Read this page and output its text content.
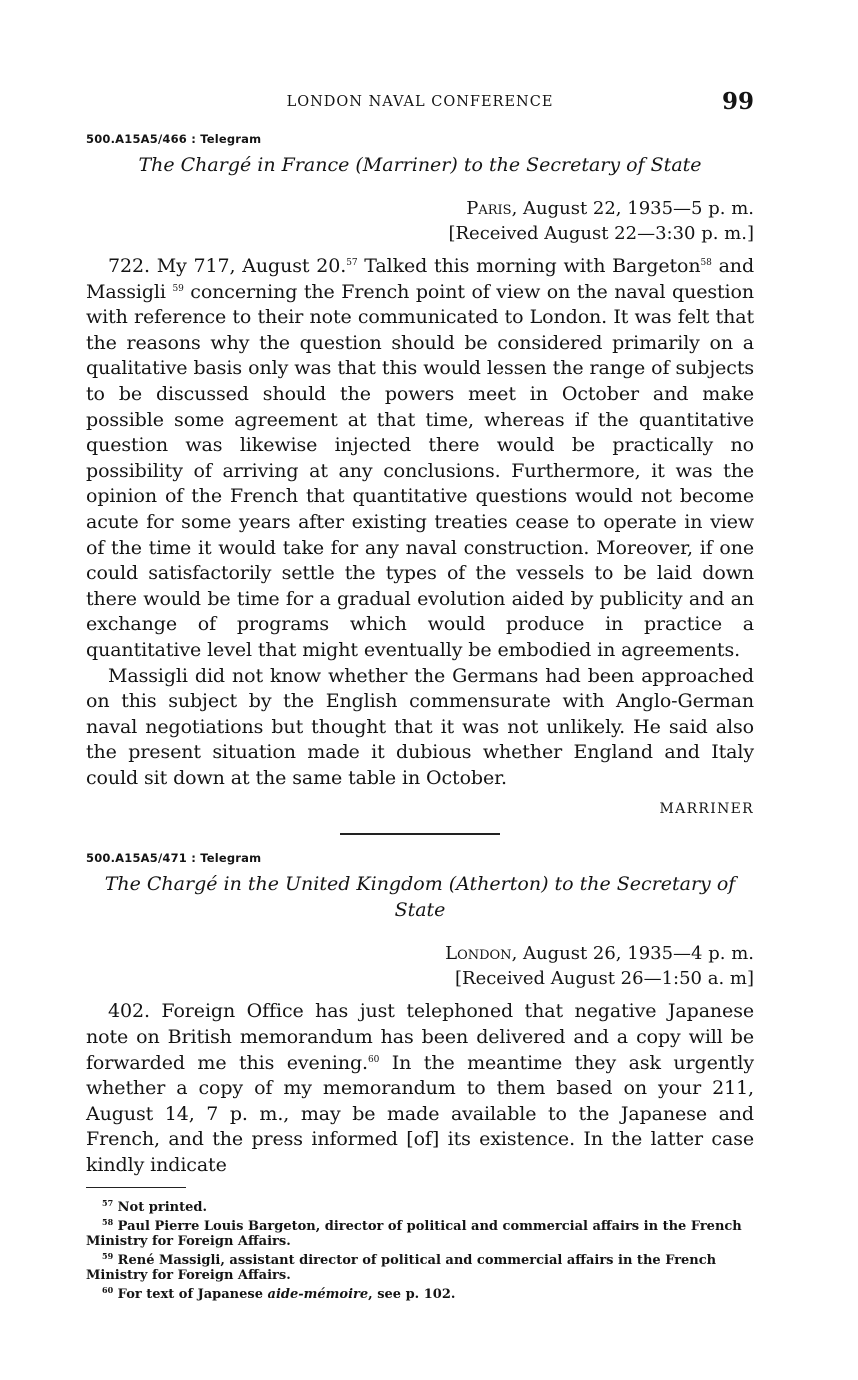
LONDON NAVAL CONFERENCE	99
500.A15A5/466 : Telegram

The Chargé in France (Marriner) to the Secretary of State

Paris, August 22, 1935—5 p. m.
[Received August 22—3:30 p. m.]

722. My 717, August 20.57 Talked this morning with Bargeton$^{58}$ and Massigli $^{59}$ concerning the French point of view on the naval question with reference to their note communicated to London. It was felt that the reasons why the question should be considered primarily on a qualitative basis only was that this would lessen the range of subjects to be discussed should the powers meet in October and make possible some agreement at that time, whereas if the quantitative question was likewise injected there would be practically no possibility of arriving at any conclusions. Furthermore, it was the opinion of the French that quantitative questions would not become acute for some years after existing treaties cease to operate in view of the time it would take for any naval construction. Moreover, if one could satisfactorily settle the types of the vessels to be laid down there would be time for a gradual evolution aided by publicity and an exchange of programs which would produce in practice a quantitative level that might eventually be embodied in agreements.

Massigli did not know whether the Germans had been approached on this subject by the English commensurate with Anglo-German naval negotiations but thought that it was not unlikely. He said also the present situation made it dubious whether England and Italy could sit down at the same table in October.

MARRINER
500.A15A5/471 : Telegram

The Chargé in the United Kingdom (Atherton) to the Secretary of State

London, August 26, 1935—4 p. m.
[Received August 26—1:50 a. m]

402. Foreign Office has just telephoned that negative Japanese note on British memorandum has been delivered and a copy will be forwarded me this evening.$^{60}$ In the meantime they ask urgently whether a copy of my memorandum to them based on your 211, August 14, 7 p. m., may be made available to the Japanese and French, and the press informed [of] its existence. In the latter case kindly indicate

$^{57}$ Not printed.

$^{58}$ Paul Pierre Louis Bargeton, director of political and commercial affairs in the French Ministry for Foreign Affairs.

$^{59}$ René Massigli, assistant director of political and commercial affairs in the French Ministry for Foreign Affairs.

$^{60}$ For text of Japanese aide-mémoire, see p. 102.
